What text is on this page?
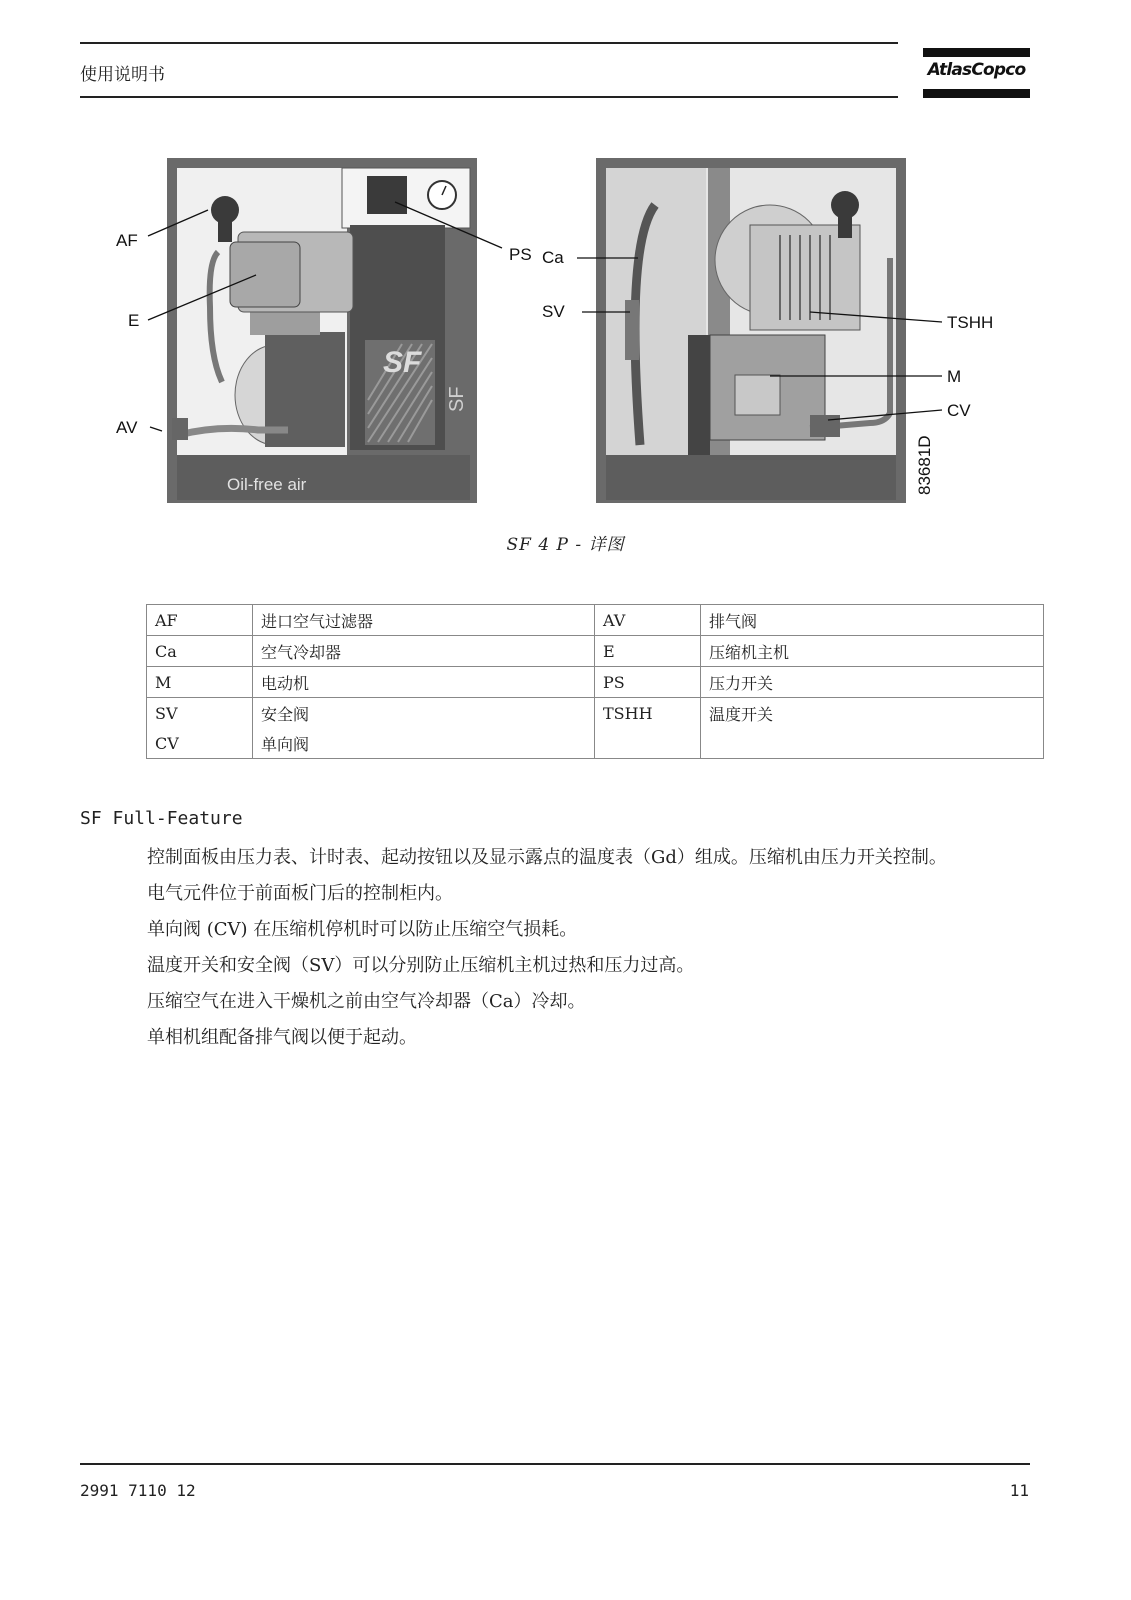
使用说明书	AtlasCopco
SF
SF
Oil-free air	83681D
AF
E
AV
PS Ca
SV
TSHH
M
CV
SF 4 P - 详图
AF	进口空气过滤器	AV	排气阀
Ca	空气冷却器	E	压缩机主机
M	电动机	PS	压力开关
SV	安全阀	TSHH	温度开关
CV	单向阀		
SF Full-Feature
控制面板由压力表、计时表、起动按钮以及显示露点的温度表（Gd）组成。压缩机由压力开关控制。
电气元件位于前面板门后的控制柜内。
单向阀 (CV) 在压缩机停机时可以防止压缩空气损耗。
温度开关和安全阀（SV）可以分别防止压缩机主机过热和压力过高。
压缩空气在进入干燥机之前由空气冷却器（Ca）冷却。
单相机组配备排气阀以便于起动。
2991 7110 12	11
